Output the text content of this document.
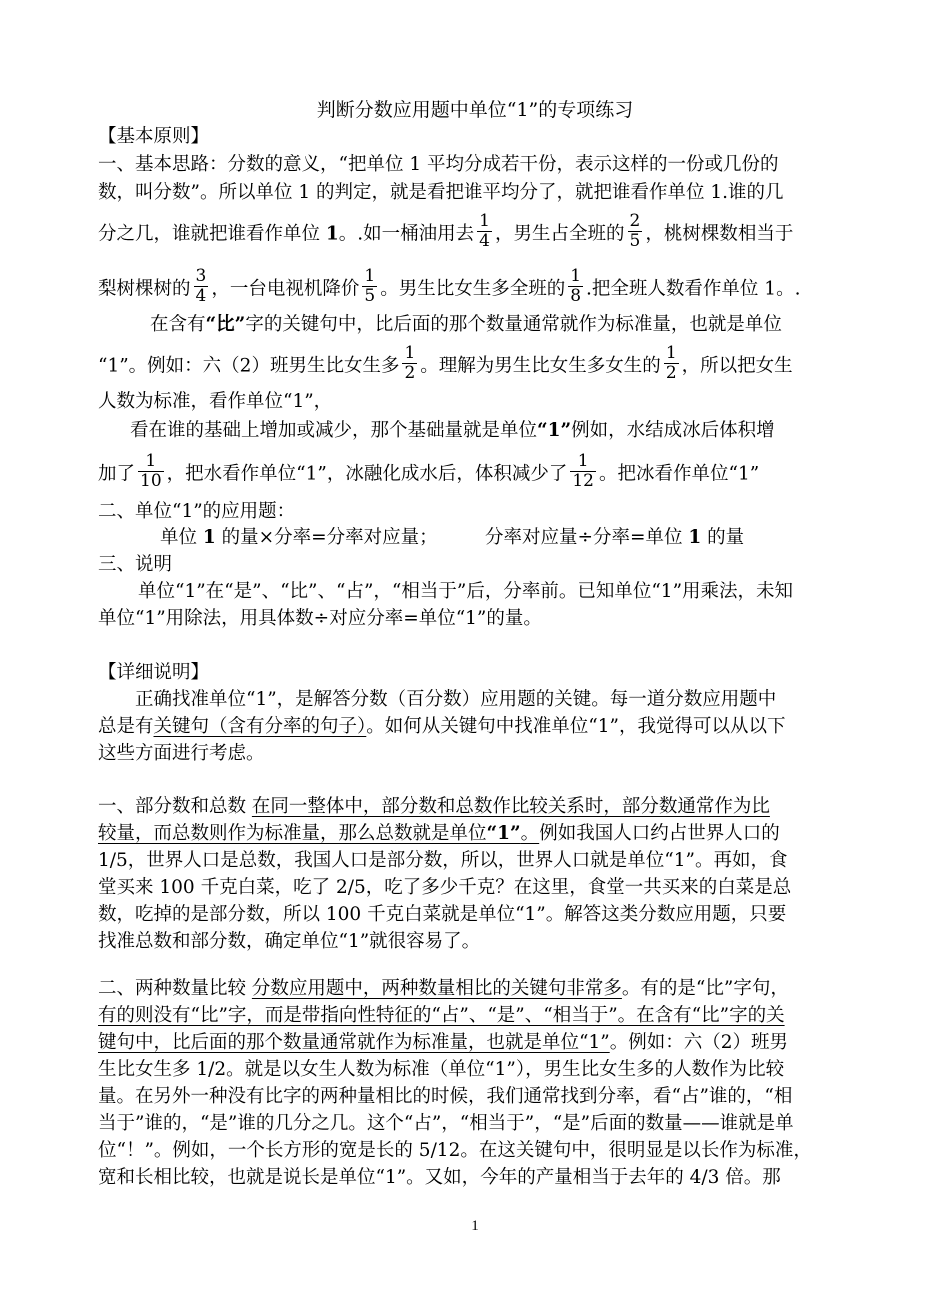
判断分数应用题中单位“1”的专项练习
【基本原则】
一、基本思路：分数的意义，“把单位 1 平均分成若干份，表示这样的一份或几份的
数，叫分数”。所以单位 1 的判定，就是看把谁平均分了，就把谁看作单位 1.谁的几
分之几，谁就把谁看作单位 1。.如一桶油用去 $\frac{1}{4}$ ，男生占全班的 $\frac{2}{5}$ ，桃树棵数相当于
梨树棵树的 $\frac{3}{4}$ ，一台电视机降价 $\frac{1}{5}$ 。男生比女生多全班的 $\frac{1}{8}$ .把全班人数看作单位 1。.
在含有“比”字的关键句中，比后面的那个数量通常就作为标准量，也就是单位
“1”。例如：六（2）班男生比女生多 $\frac{1}{2}$ 。理解为男生比女生多女生的 $\frac{1}{2}$ ，所以把女生
人数为标准，看作单位“1”，
看在谁的基础上增加或减少，那个基础量就是单位“1”例如，水结成冰后体积增
加了 $\frac{1}{10}$ ，把水看作单位“1”，冰融化成水后，体积减少了 $\frac{1}{12}$ 。把冰看作单位“1”
二、单位“1”的应用题：
单位 1 的量×分率=分率对应量；	分率对应量÷分率=单位 1 的量
三、说明
单位“1”在“是”、“比”、“占”，“相当于”后，分率前。已知单位“1”用乘法，未知
单位“1”用除法，用具体数÷对应分率=单位“1”的量。
【详细说明】
正确找准单位“1”，是解答分数（百分数）应用题的关键。每一道分数应用题中
总是有关键句（含有分率的句子）。如何从关键句中找准单位“1”，我觉得可以从以下
这些方面进行考虑。
一、部分数和总数 在同一整体中，部分数和总数作比较关系时，部分数通常作为比
较量，而总数则作为标准量，那么总数就是单位“1”。例如我国人口约占世界人口的
1/5，世界人口是总数，我国人口是部分数，所以，世界人口就是单位“1”。再如，食
堂买来 100 千克白菜，吃了 2/5，吃了多少千克？在这里，食堂一共买来的白菜是总
数，吃掉的是部分数，所以 100 千克白菜就是单位“1”。解答这类分数应用题，只要
找准总数和部分数，确定单位“1”就很容易了。
二、两种数量比较 分数应用题中，两种数量相比的关键句非常多。有的是“比”字句，
有的则没有“比”字，而是带指向性特征的“占”、“是”、“相当于”。在含有“比”字的关
键句中，比后面的那个数量通常就作为标准量，也就是单位“1”。例如：六（2）班男
生比女生多 1/2。就是以女生人数为标准（单位“1”），男生比女生多的人数作为比较
量。在另外一种没有比字的两种量相比的时候，我们通常找到分率，看“占”谁的，“相
当于”谁的，“是”谁的几分之几。这个“占”，“相当于”，“是”后面的数量——谁就是单
位“！”。例如，一个长方形的宽是长的 5/12。在这关键句中，很明显是以长作为标准，
宽和长相比较，也就是说长是单位“1”。又如，今年的产量相当于去年的 4/3 倍。那
1
